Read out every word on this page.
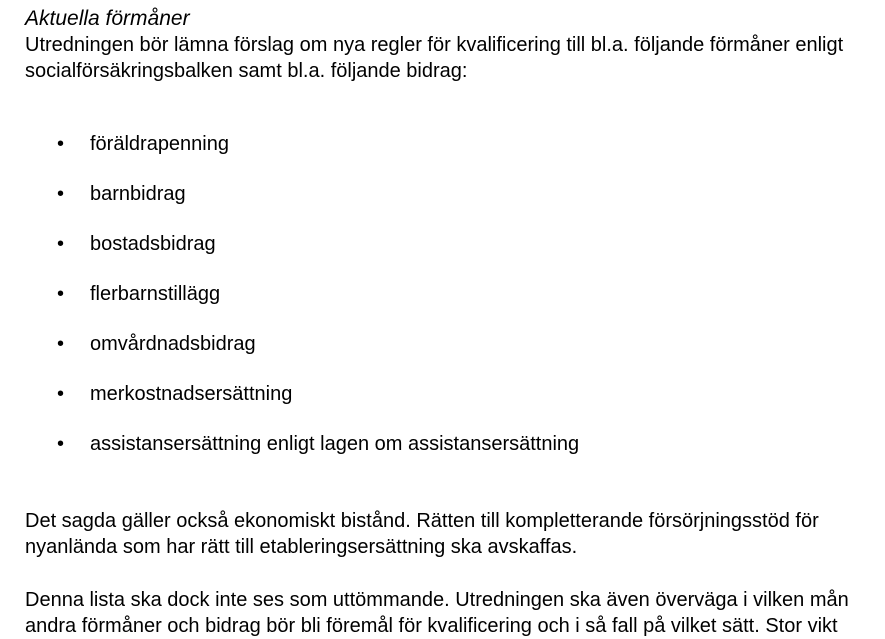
Aktuella förmåner

Utredningen bör lämna förslag om nya regler för kvalificering till bl.a. följande förmåner enligt
socialförsäkringsbalken samt bl.a. följande bidrag:

• föräldrapenning
• barnbidrag
• bostadsbidrag
• flerbarnstillägg
• omvårdnadsbidrag
• merkostnadsersättning
• assistansersättning enligt lagen om assistansersättning

Det sagda gäller också ekonomiskt bistånd. Rätten till kompletterande försörjningsstöd för
nyanlända som har rätt till etableringsersättning ska avskaffas.

Denna lista ska dock inte ses som uttömmande. Utredningen ska även överväga i vilken mån
andra förmåner och bidrag bör bli föremål för kvalificering och i så fall på vilket sätt. Stor vikt
